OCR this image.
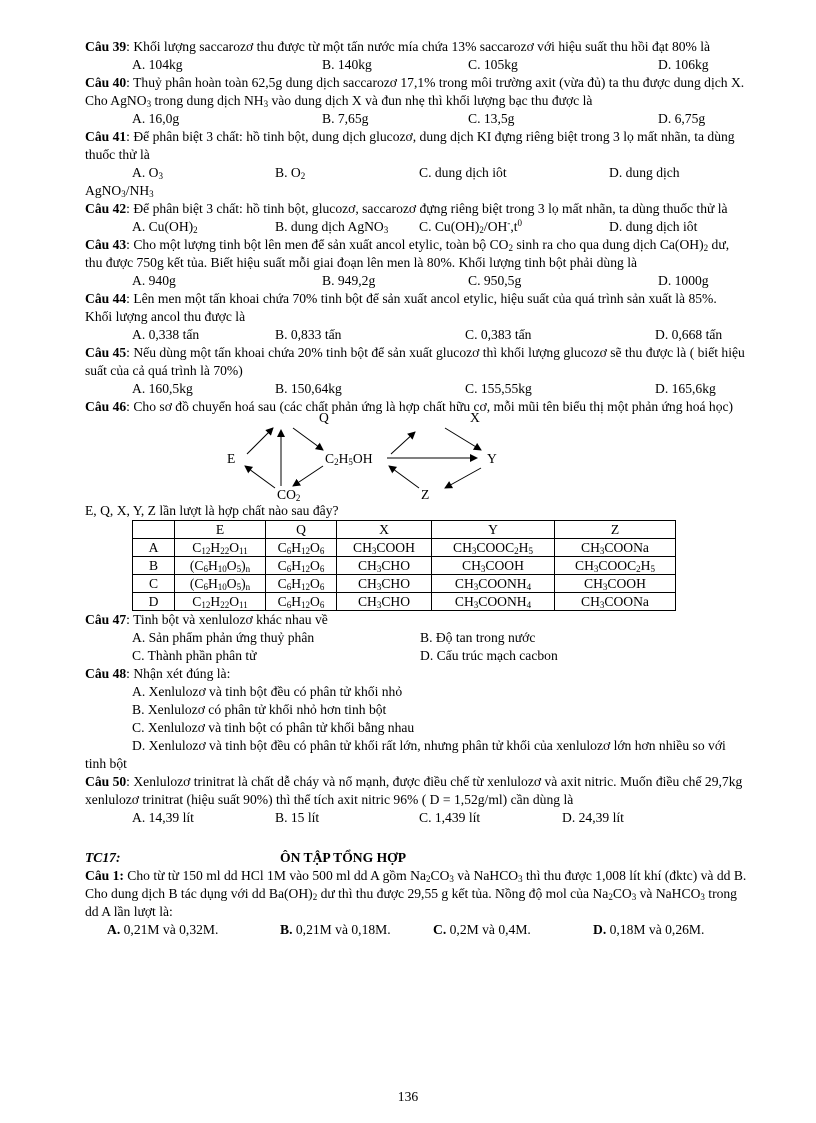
Câu 39: Khối lượng saccarozơ thu được từ một tấn nước mía chứa 13% saccarozơ với hiệu suất thu hồi đạt 80% là
A. 104kg	B. 140kg	C. 105kg	D. 106kg
Câu 40: Thuỷ phân hoàn toàn 62,5g dung dịch saccarozơ 17,1% trong môi trường axit (vừa đủ) ta thu được dung dịch X. Cho AgNO$_3$ trong dung dịch $NH_3$ vào dung dịch X và đun nhẹ thì khối lượng bạc thu được là
A. 16,0g	B. 7,65g	C. 13,5g	D. 6,75g
Câu 41: Để phân biệt 3 chất: hồ tinh bột, dung dịch glucozơ, dung dịch KI đựng riêng biệt trong 3 lọ mất nhãn, ta dùng thuốc thử là
A. $O_3$	B. $O_2$	C. dung dịch iôt	D. dung dịch
$AgNO_3/NH_3$
Câu 42: Để phân biệt 3 chất: hồ tinh bột, glucozơ, saccarozơ đựng riêng biệt trong 3 lọ mất nhãn, ta dùng thuốc thử là
A. $Cu(OH)_2$	B. dung dịch AgNO$_3$	C. $Cu(OH)_2/OH^-,t^0$	D. dung dịch iôt
Câu 43: Cho một lượng tinh bột lên men để sản xuất ancol etylic, toàn bộ $CO_2$ sinh ra cho qua dung dịch $Ca(OH)_2$ dư, thu được 750g kết tủa. Biết hiệu suất mỗi giai đoạn lên men là 80%. Khối lượng tinh bột phải dùng là
A. 940g	B. 949,2g	C. 950,5g	D. 1000g
Câu 44: Lên men một tấn khoai chứa 70% tinh bột để sản xuất ancol etylic, hiệu suất của quá trình sản xuất là 85%. Khối lượng ancol thu được là
A. 0,338 tấn	B. 0,833 tấn	C. 0,383 tấn	D. 0,668 tấn
Câu 45: Nếu dùng một tấn khoai chứa 20% tinh bột để sản xuất glucozơ thì khối lượng glucozơ sẽ thu được là ( biết hiệu suất của cả quá trình là 70%)
A. 160,5kg	B. 150,64kg	C. 155,55kg	D. 165,6kg
Câu 46: Cho sơ đồ chuyển hoá sau (các chất phản ứng là hợp chất hữu cơ, mỗi mũi tên biểu thị một phản ứng hoá học)
Q	X
E	$C_2H_5OH$	Y
$CO_2$	Z
E, Q, X, Y, Z lần lượt là hợp chất nào sau đây?
	E	Q	X	Y	Z
A	$C_{12}H_{22}O_{11}$	$C_6H_{12}O_6$	$CH_3COOH$	$CH_3COOC_2H_5$	$CH_3COONa$
B	$(C_6H_{10}O_5)_n$	$C_6H_{12}O_6$	$CH_3CHO$	$CH_3COOH$	$CH_3COOC_2H_5$
C	$(C_6H_{10}O_5)_n$	$C_6H_{12}O_6$	$CH_3CHO$	$CH_3COONH_4$	$CH_3COOH$
D	$C_{12}H_{22}O_{11}$	$C_6H_{12}O_6$	$CH_3CHO$	$CH_3COONH_4$	$CH_3COONa$
Câu 47: Tinh bột và xenlulozơ khác nhau về
A. Sản phẩm phản ứng thuỷ phân	B. Độ tan trong nước
C. Thành phần phân tử	D. Cấu trúc mạch cacbon
Câu 48: Nhận xét đúng là:
A. Xenlulozơ và tinh bột đều có phân tử khối nhỏ
B. Xenlulozơ có phân tử khối nhỏ hơn tinh bột
C. Xenlulozơ và tinh bột có phân tử khối bằng nhau
D. Xenlulozơ và tinh bột đều có phân tử khối rất lớn, nhưng phân tử khối của xenlulozơ lớn hơn nhiều so với tinh bột
Câu 50: Xenlulozơ trinitrat là chất dễ cháy và nổ mạnh, được điều chế từ xenlulozơ và axit nitric. Muốn điều chế 29,7kg xenlulozơ trinitrat (hiệu suất 90%) thì thể tích axit nitric 96% ( D = 1,52g/ml) cần dùng là
A. 14,39 lít	B. 15 lít	C. 1,439 lít	D. 24,39 lít
TC17:	ÔN TẬP TỔNG HỢP
Câu 1: Cho từ từ 150 ml dd HCl 1M vào 500 ml dd A gồm $Na_2CO_3$ và NaHCO$_3$ thì thu được 1,008 lít khí (đktc) và dd B. Cho dung dịch B tác dụng với dd $Ba(OH)_2$ dư thì thu được 29,55 g kết tủa. Nồng độ mol của $Na_2CO_3$ và NaHCO$_3$ trong dd A lần lượt là:
A. 0,21M và 0,32M.	B. 0,21M và 0,18M.	C. 0,2M và 0,4M.	D. 0,18M và 0,26M.
136
